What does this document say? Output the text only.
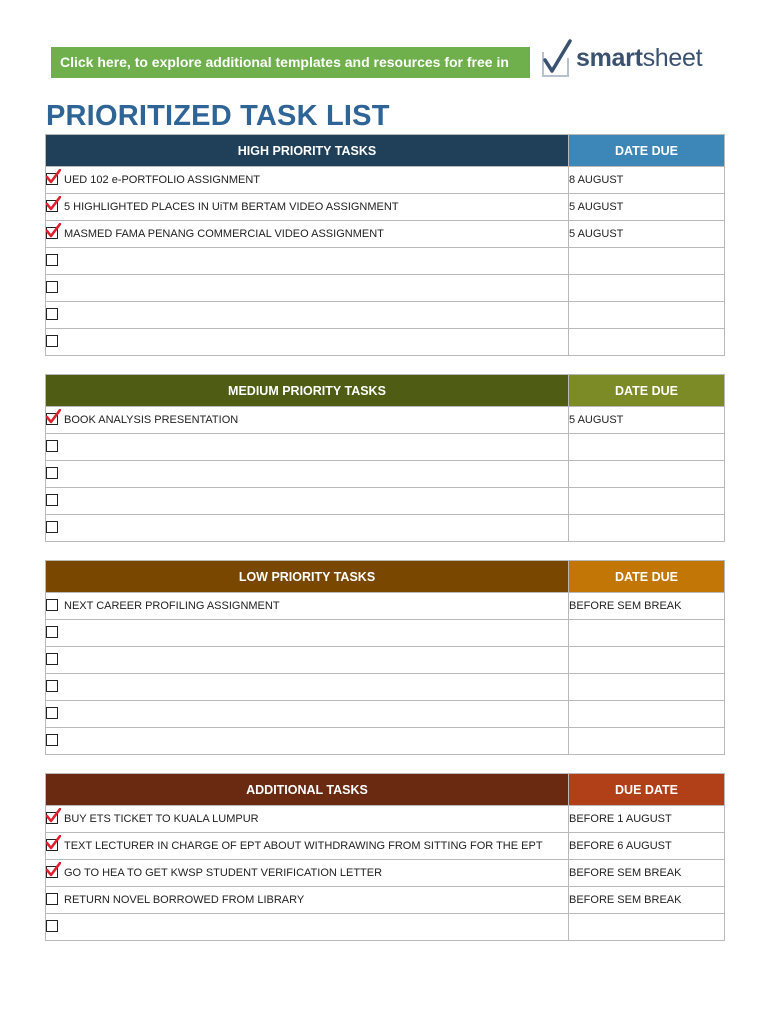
Click here, to explore additional templates and resources for free in	smartsheet
PRIORITIZED TASK LIST
HIGH PRIORITY TASKS	DATE DUE

UED 102 e-PORTFOLIO ASSIGNMENT	8 AUGUST

5 HIGHLIGHTED PLACES IN UiTM BERTAM VIDEO ASSIGNMENT	5 AUGUST

MASMED FAMA PENANG COMMERCIAL VIDEO ASSIGNMENT	5 AUGUST

MEDIUM PRIORITY TASKS	DATE DUE

BOOK ANALYSIS PRESENTATION	5 AUGUST

LOW PRIORITY TASKS	DATE DUE
NEXT CAREER PROFILING ASSIGNMENT	BEFORE SEM BREAK

ADDITIONAL TASKS	DUE DATE

BUY ETS TICKET TO KUALA LUMPUR	BEFORE 1 AUGUST

TEXT LECTURER IN CHARGE OF EPT ABOUT WITHDRAWING FROM SITTING FOR THE EPT	BEFORE 6 AUGUST

GO TO HEA TO GET KWSP STUDENT VERIFICATION LETTER	BEFORE SEM BREAK
RETURN NOVEL BORROWED FROM LIBRARY	BEFORE SEM BREAK
